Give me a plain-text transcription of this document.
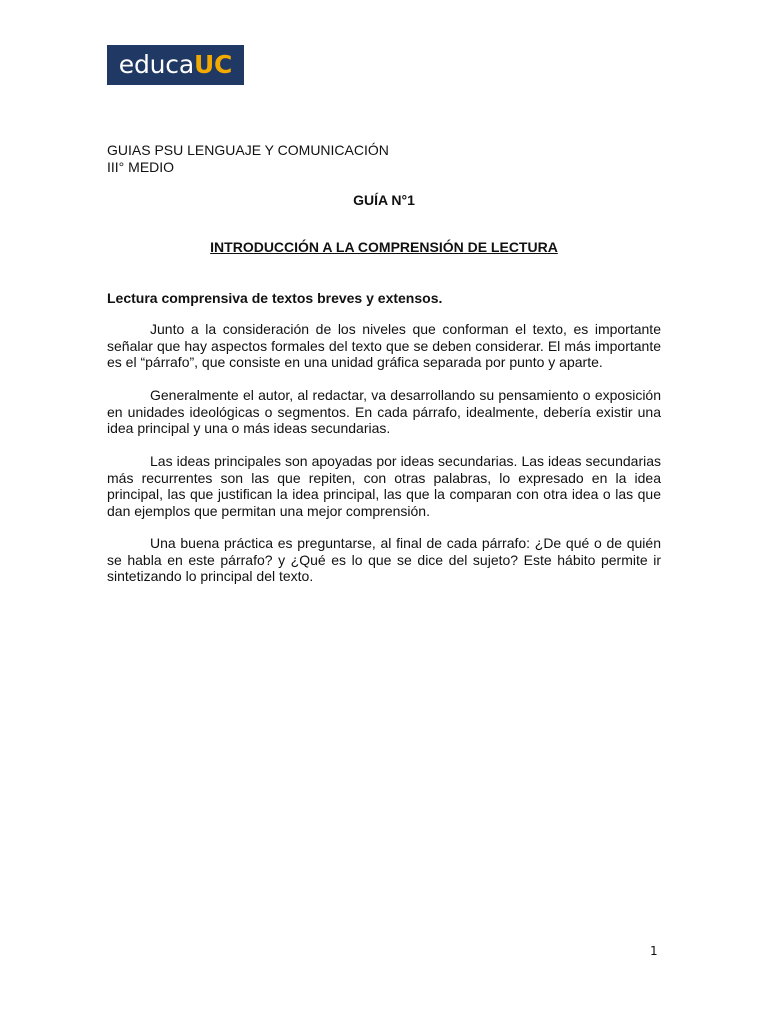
educa UC
GUIAS PSU LENGUAJE Y COMUNICACIÓN
III° MEDIO
GUÍA N°1
INTRODUCCIÓN A LA COMPRENSIÓN DE LECTURA
Lectura comprensiva de textos breves y extensos.

Junto a la consideración de los niveles que conforman el texto, es importante señalar que hay aspectos formales del texto que se deben considerar. El más importante es el “párrafo”, que consiste en una unidad gráfica separada por punto y aparte.

Generalmente el autor, al redactar, va desarrollando su pensamiento o exposición en unidades ideológicas o segmentos. En cada párrafo, idealmente, debería existir una idea principal y una o más ideas secundarias.

Las ideas principales son apoyadas por ideas secundarias. Las ideas secundarias más recurrentes son las que repiten, con otras palabras, lo expresado en la idea principal, las que justifican la idea principal, las que la comparan con otra idea o las que dan ejemplos que permitan una mejor comprensión.

Una buena práctica es preguntarse, al final de cada párrafo: ¿De qué o de quién se habla en este párrafo? y ¿Qué es lo que se dice del sujeto? Este hábito permite ir sintetizando lo principal del texto.

1
